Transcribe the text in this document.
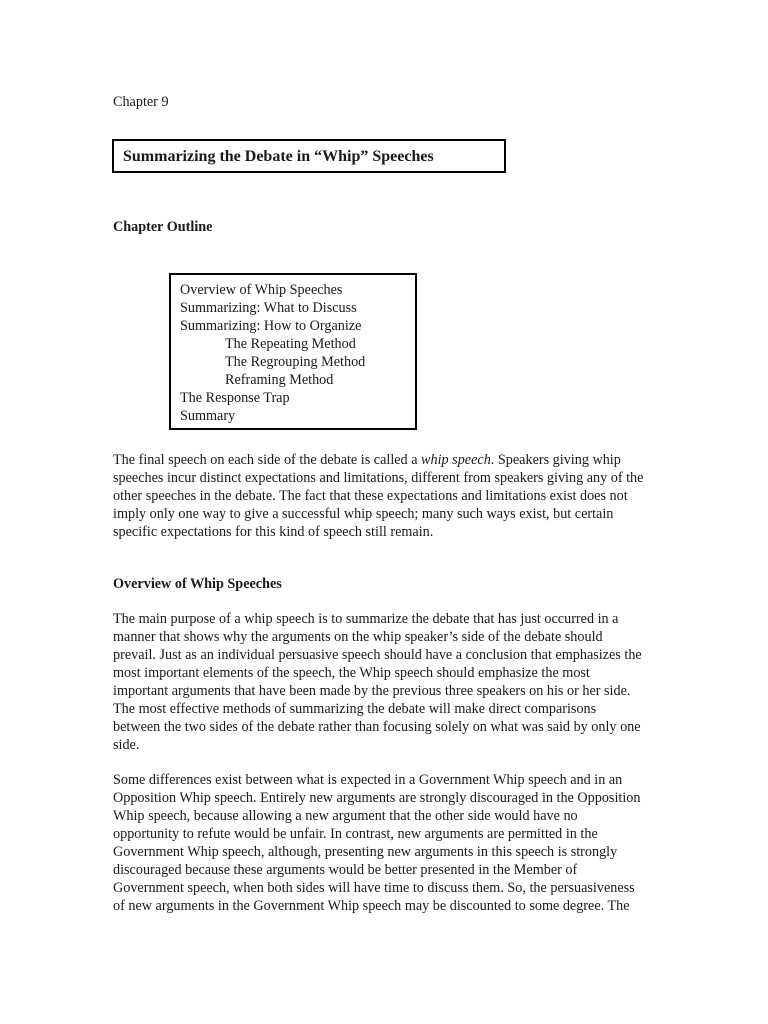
Chapter 9
Summarizing the Debate in “Whip” Speeches
Chapter Outline
Overview of Whip Speeches
Summarizing: What to Discuss
Summarizing: How to Organize
The Repeating Method
The Regrouping Method
Reframing Method
The Response Trap
Summary
The final speech on each side of the debate is called a whip speech. Speakers giving whip
speeches incur distinct expectations and limitations, different from speakers giving any of the
other speeches in the debate. The fact that these expectations and limitations exist does not
imply only one way to give a successful whip speech; many such ways exist, but certain
specific expectations for this kind of speech still remain.
Overview of Whip Speeches
The main purpose of a whip speech is to summarize the debate that has just occurred in a
manner that shows why the arguments on the whip speaker’s side of the debate should
prevail. Just as an individual persuasive speech should have a conclusion that emphasizes the
most important elements of the speech, the Whip speech should emphasize the most
important arguments that have been made by the previous three speakers on his or her side.
The most effective methods of summarizing the debate will make direct comparisons
between the two sides of the debate rather than focusing solely on what was said by only one
side.
Some differences exist between what is expected in a Government Whip speech and in an
Opposition Whip speech. Entirely new arguments are strongly discouraged in the Opposition
Whip speech, because allowing a new argument that the other side would have no
opportunity to refute would be unfair. In contrast, new arguments are permitted in the
Government Whip speech, although, presenting new arguments in this speech is strongly
discouraged because these arguments would be better presented in the Member of
Government speech, when both sides will have time to discuss them. So, the persuasiveness
of new arguments in the Government Whip speech may be discounted to some degree. The
